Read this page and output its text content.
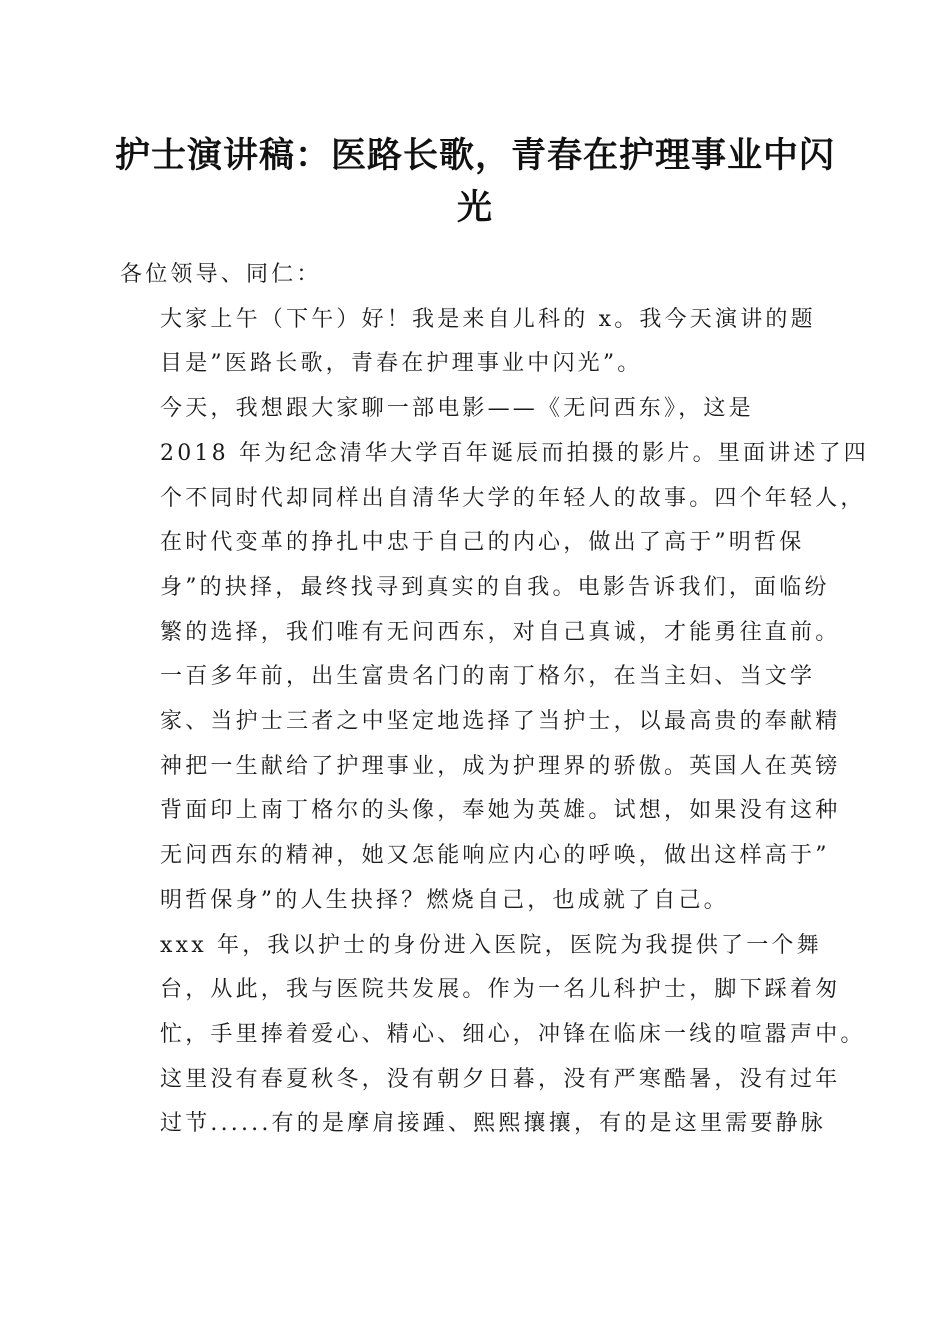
护士演讲稿：医路长歌，青春在护理事业中闪
光

各位领导、同仁：

大家上午（下午）好！我是来自儿科的 x。我今天演讲的题
目是”医路长歌，青春在护理事业中闪光”。

今天，我想跟大家聊一部电影——《无问西东》，这是
2018 年为纪念清华大学百年诞辰而拍摄的影片。里面讲述了四
个不同时代却同样出自清华大学的年轻人的故事。四个年轻人，
在时代变革的挣扎中忠于自己的内心，做出了高于”明哲保
身”的抉择，最终找寻到真实的自我。电影告诉我们，面临纷
繁的选择，我们唯有无问西东，对自己真诚，才能勇往直前。

一百多年前，出生富贵名门的南丁格尔，在当主妇、当文学
家、当护士三者之中坚定地选择了当护士，以最高贵的奉献精
神把一生献给了护理事业，成为护理界的骄傲。英国人在英镑
背面印上南丁格尔的头像，奉她为英雄。试想，如果没有这种
无问西东的精神，她又怎能响应内心的呼唤，做出这样高于”
明哲保身”的人生抉择？燃烧自己，也成就了自己。

xxx 年，我以护士的身份进入医院，医院为我提供了一个舞
台，从此，我与医院共发展。作为一名儿科护士，脚下踩着匆
忙，手里捧着爱心、精心、细心，冲锋在临床一线的喧嚣声中。
这里没有春夏秋冬，没有朝夕日暮，没有严寒酷暑，没有过年
过节......有的是摩肩接踵、熙熙攘攘，有的是这里需要静脉
